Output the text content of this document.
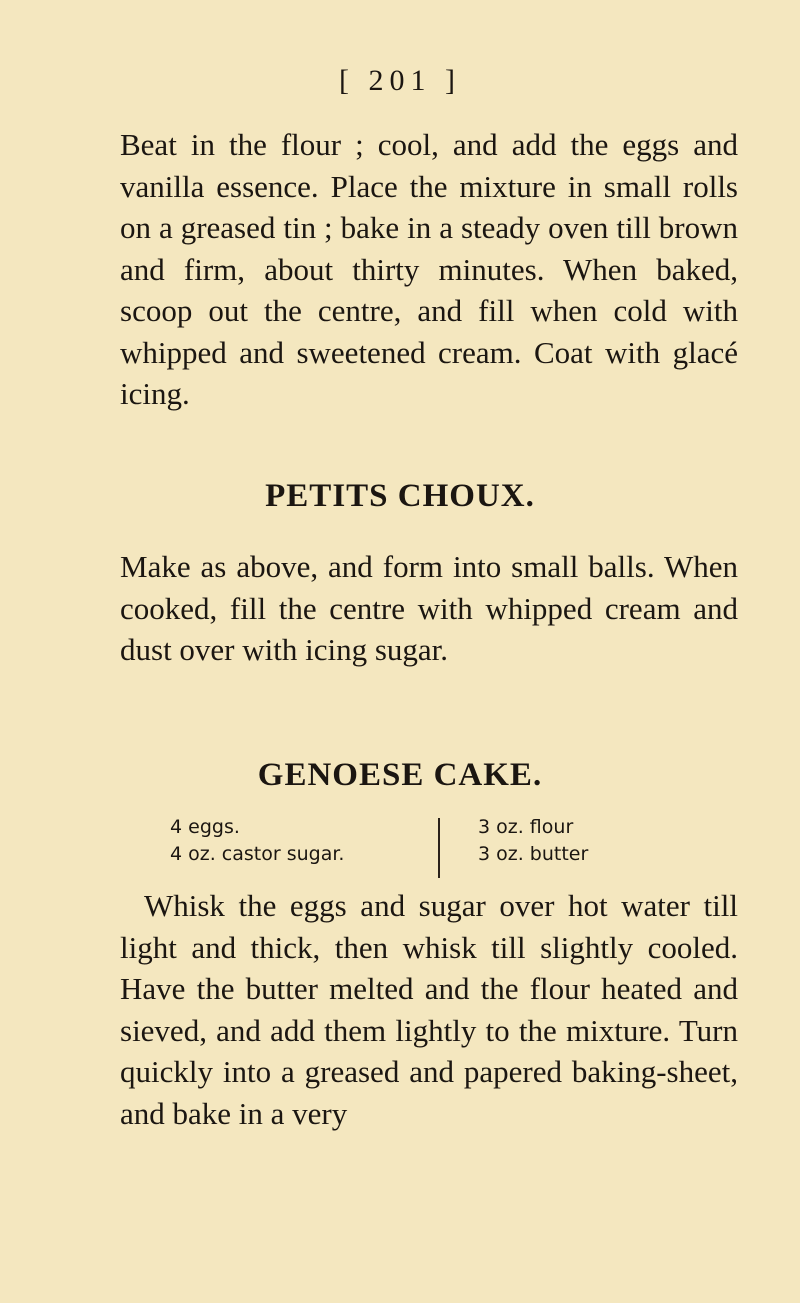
[ 201 ]

Beat in the flour ; cool, and add the eggs and vanilla essence. Place the mixture in small rolls on a greased tin ; bake in a steady oven till brown and firm, about thirty minutes. When baked, scoop out the centre, and fill when cold with whipped and sweetened cream. Coat with glacé icing.

PETITS CHOUX.

Make as above, and form into small balls. When cooked, fill the centre with whipped cream and dust over with icing sugar.

GENOESE CAKE.
4 eggs.
4 oz. castor sugar.
3 oz. flour
3 oz. butter

Whisk the eggs and sugar over hot water till light and thick, then whisk till slightly cooled. Have the butter melted and the flour heated and sieved, and add them lightly to the mixture. Turn quickly into a greased and papered baking-sheet, and bake in a very
